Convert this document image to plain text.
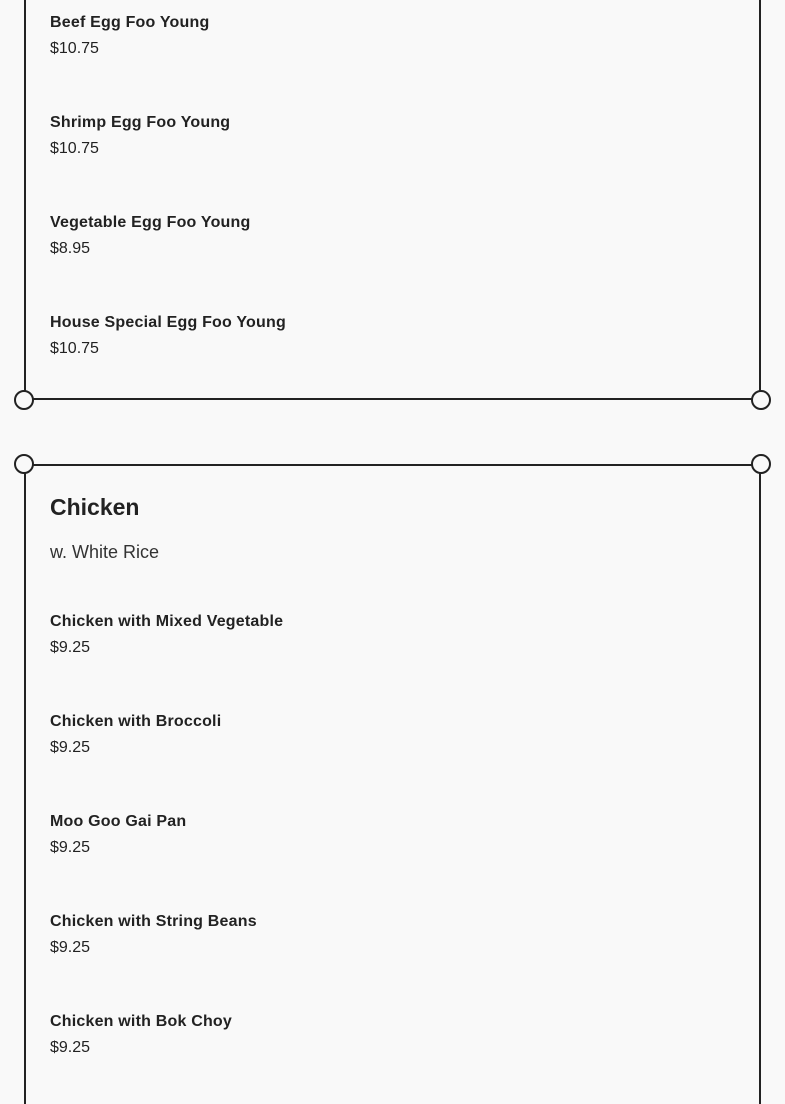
Beef Egg Foo Young
$10.75
Shrimp Egg Foo Young
$10.75
Vegetable Egg Foo Young
$8.95
House Special Egg Foo Young
$10.75
Chicken
w. White Rice
Chicken with Mixed Vegetable
$9.25
Chicken with Broccoli
$9.25
Moo Goo Gai Pan
$9.25
Chicken with String Beans
$9.25
Chicken with Bok Choy
$9.25
